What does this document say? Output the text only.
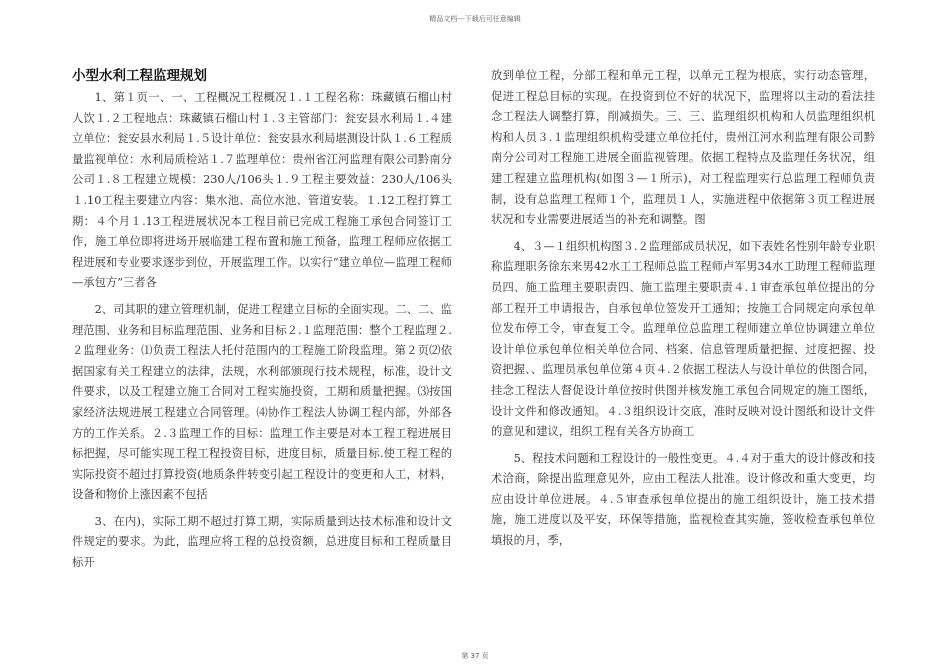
精品文档---下载后可任意编辑
小型水利工程监理规划

1、第１页一、一、工程概况工程概况１.１工程名称：珠藏镇石榴山村人饮１.２工程地点：珠藏镇石榴山村１.３主管部门：瓮安县水利局１.４建立单位：瓮安县水利局１.５设计单位：瓮安县水利局堪测设计队１.６工程质量监视单位：水利局质检站１.７监理单位：贵州省江河监理有限公司黔南分公司１.８工程建立规模：230人/106头１.９工程主要效益：230人/106头１.10工程主要建立内容：集水池、高位水池、管道安装。１.12工程打算工期：４个月１.13工程进展状况本工程目前已完成工程施工承包合同签订工作，施工单位即将进场开展临建工程布置和施工预备，监理工程师应依据工程进展和专业要求逐步到位，开展监理工作。以实行“建立单位—监理工程师—承包方”三者各

2、司其职的建立管理机制，促进工程建立目标的全面实现。二、二、监理范围、业务和目标监理范围、业务和目标２.１监理范围：整个工程监理２.２监理业务：⑴负责工程法人托付范围内的工程施工阶段监理。第２页⑵依据国家有关工程建立的法律，法规，水利部颁现行技术规程，标准，设计文件要求，以及工程建立施工合同对工程实施投资，工期和质量把握。⑶按国家经济法规进展工程建立合同管理。⑷协作工程法人协调工程内部，外部各方的工作关系。２.３监理工作的目标：监理工作主要是对本工程工程进展目标把握，尽可能实现工程工程投资目标，进度目标，质量目标.使工程工程的实际投资不超过打算投资(地质条件转变引起工程设计的变更和人工，材料，设备和物价上涨因素不包括

3、在内)，实际工期不超过打算工期，实际质量到达技术标准和设计文件规定的要求。为此，监理应将工程的总投资额，总进度目标和工程质量目标开

放到单位工程，分部工程和单元工程，以单元工程为根底，实行动态管理，促进工程总目标的实现。在投资到位不好的状况下，监理将以主动的看法挂念工程法人调整打算，削减损失。三、三、监理组织机构和人员监理组织机构和人员３.１监理组织机构受建立单位托付，贵州江河水利监理有限公司黔南分公司对工程施工进展全面监视管理。依据工程特点及监理任务状况，组建工程建立监理机构(如图３—１所示)，对工程监理实行总监理工程师负责制，设有总监理工程师１个，监理员１人，实施进程中依据第３页工程进展状况和专业需要进展适当的补充和调整。图

4、３—１组织机构图３.２监理部成员状况，如下表姓名性别年龄专业职称监理职务徐东来男42水工工程师总监工程师卢军男34水工助理工程师监理员四、施工监理主要职责四、施工监理主要职责４.１审查承包单位提出的分部工程开工申请报告，自承包单位签发开工通知；按施工合同规定向承包单位发布停工令，审查复工令。监理单位总监理工程师建立单位协调建立单位设计单位承包单位相关单位合同、档案、信息管理质量把握、过度把握、投资把握、、监理员承包单位第４页４.２依据工程法人与设计单位的供图合同，挂念工程法人督促设计单位按时供图并核发施工承包合同规定的施工图纸，设计文件和修改通知。４.３组织设计交底，准时反映对设计图纸和设计文件的意见和建议，组织工程有关各方协商工

5、程技术问题和工程设计的一般性变更。４.４对于重大的设计修改和技术洽商，除提出监理意见外，应由工程法人批准。设计修改和重大变更，均应由设计单位进展。４.５审查承包单位提出的施工组织设计，施工技术措施，施工进度以及平安，环保等措施，监视检查其实施，签收检查承包单位填报的月，季，

第 37 页
